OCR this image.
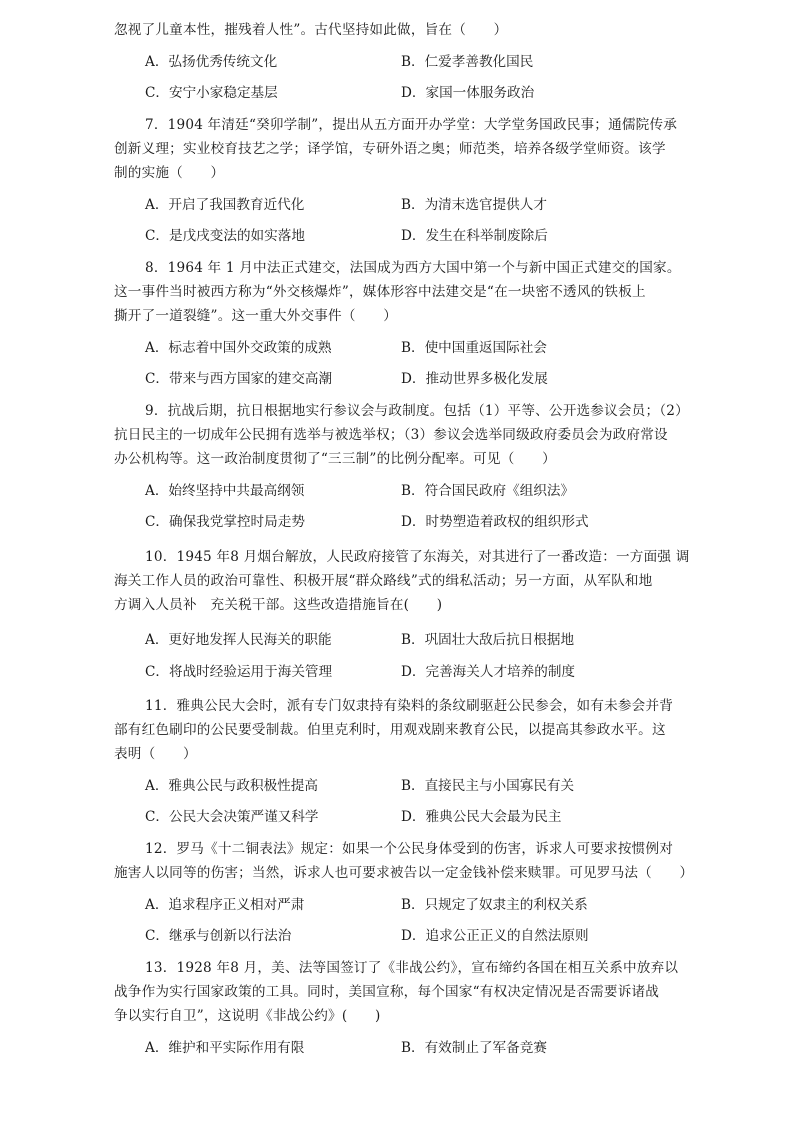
忽视了儿童本性，摧残着人性”。古代坚持如此做，旨在（　　）
A．弘扬优秀传统文化	B．仁爱孝善教化国民
C．安宁小家稳定基层	D．家国一体服务政治
7．1904 年清廷“癸卯学制”，提出从五方面开办学堂：大学堂务国政民事；通儒院传承
创新义理；实业校育技艺之学；译学馆，专研外语之奥；师范类，培养各级学堂师资。该学
制的实施（　　）
A．开启了我国教育近代化	B．为清末选官提供人才
C．是戊戌变法的如实落地	D．发生在科举制废除后
8．1964 年 1 月中法正式建交，法国成为西方大国中第一个与新中国正式建交的国家。
这一事件当时被西方称为“外交核爆炸”，媒体形容中法建交是“在一块密不透风的铁板上
撕开了一道裂缝”。这一重大外交事件（　　）
A．标志着中国外交政策的成熟	B．使中国重返国际社会
C．带来与西方国家的建交高潮	D．推动世界多极化发展
9．抗战后期，抗日根据地实行参议会与政制度。包括（1）平等、公开选参议会员；（2）
抗日民主的一切成年公民拥有选举与被选举权；（3）参议会选举同级政府委员会为政府常设
办公机构等。这一政治制度贯彻了“三三制”的比例分配率。可见（　　）
A．始终坚持中共最高纲领	B．符合国民政府《组织法》
C．确保我党掌控时局走势	D．时势塑造着政权的组织形式
10．1945 年8 月烟台解放，人民政府接管了东海关，对其进行了一番改造：一方面强 调
海关工作人员的政治可靠性、积极开展“群众路线”式的缉私活动；另一方面，从军队和地
方调入人员补　充关税干部。这些改造措施旨在(　　)
A．更好地发挥人民海关的职能	B．巩固壮大敌后抗日根据地
C．将战时经验运用于海关管理	D．完善海关人才培养的制度
11．雅典公民大会时，派有专门奴隶持有染料的条纹刷驱赶公民参会，如有未参会并背
部有红色刷印的公民要受制裁。伯里克利时，用观戏剧来教育公民，以提高其参政水平。这
表明（　　）
A．雅典公民与政积极性提高	B．直接民主与小国寡民有关
C．公民大会决策严谨又科学	D．雅典公民大会最为民主
12．罗马《十二铜表法》规定：如果一个公民身体受到的伤害，诉求人可要求按惯例对
施害人以同等的伤害；当然，诉求人也可要求被告以一定金钱补偿来赎罪。可见罗马法（　　）
A．追求程序正义相对严肃	B．只规定了奴隶主的利权关系
C．继承与创新以行法治	D．追求公正正义的自然法原则
13．1928 年8 月，美、法等国签订了《非战公约》，宣布缔约各国在相互关系中放弃以
战争作为实行国家政策的工具。同时，美国宣称，每个国家“有权决定情况是否需要诉诸战
争以实行自卫”，这说明《非战公约》(　　)
A．维护和平实际作用有限	B．有效制止了军备竞赛
